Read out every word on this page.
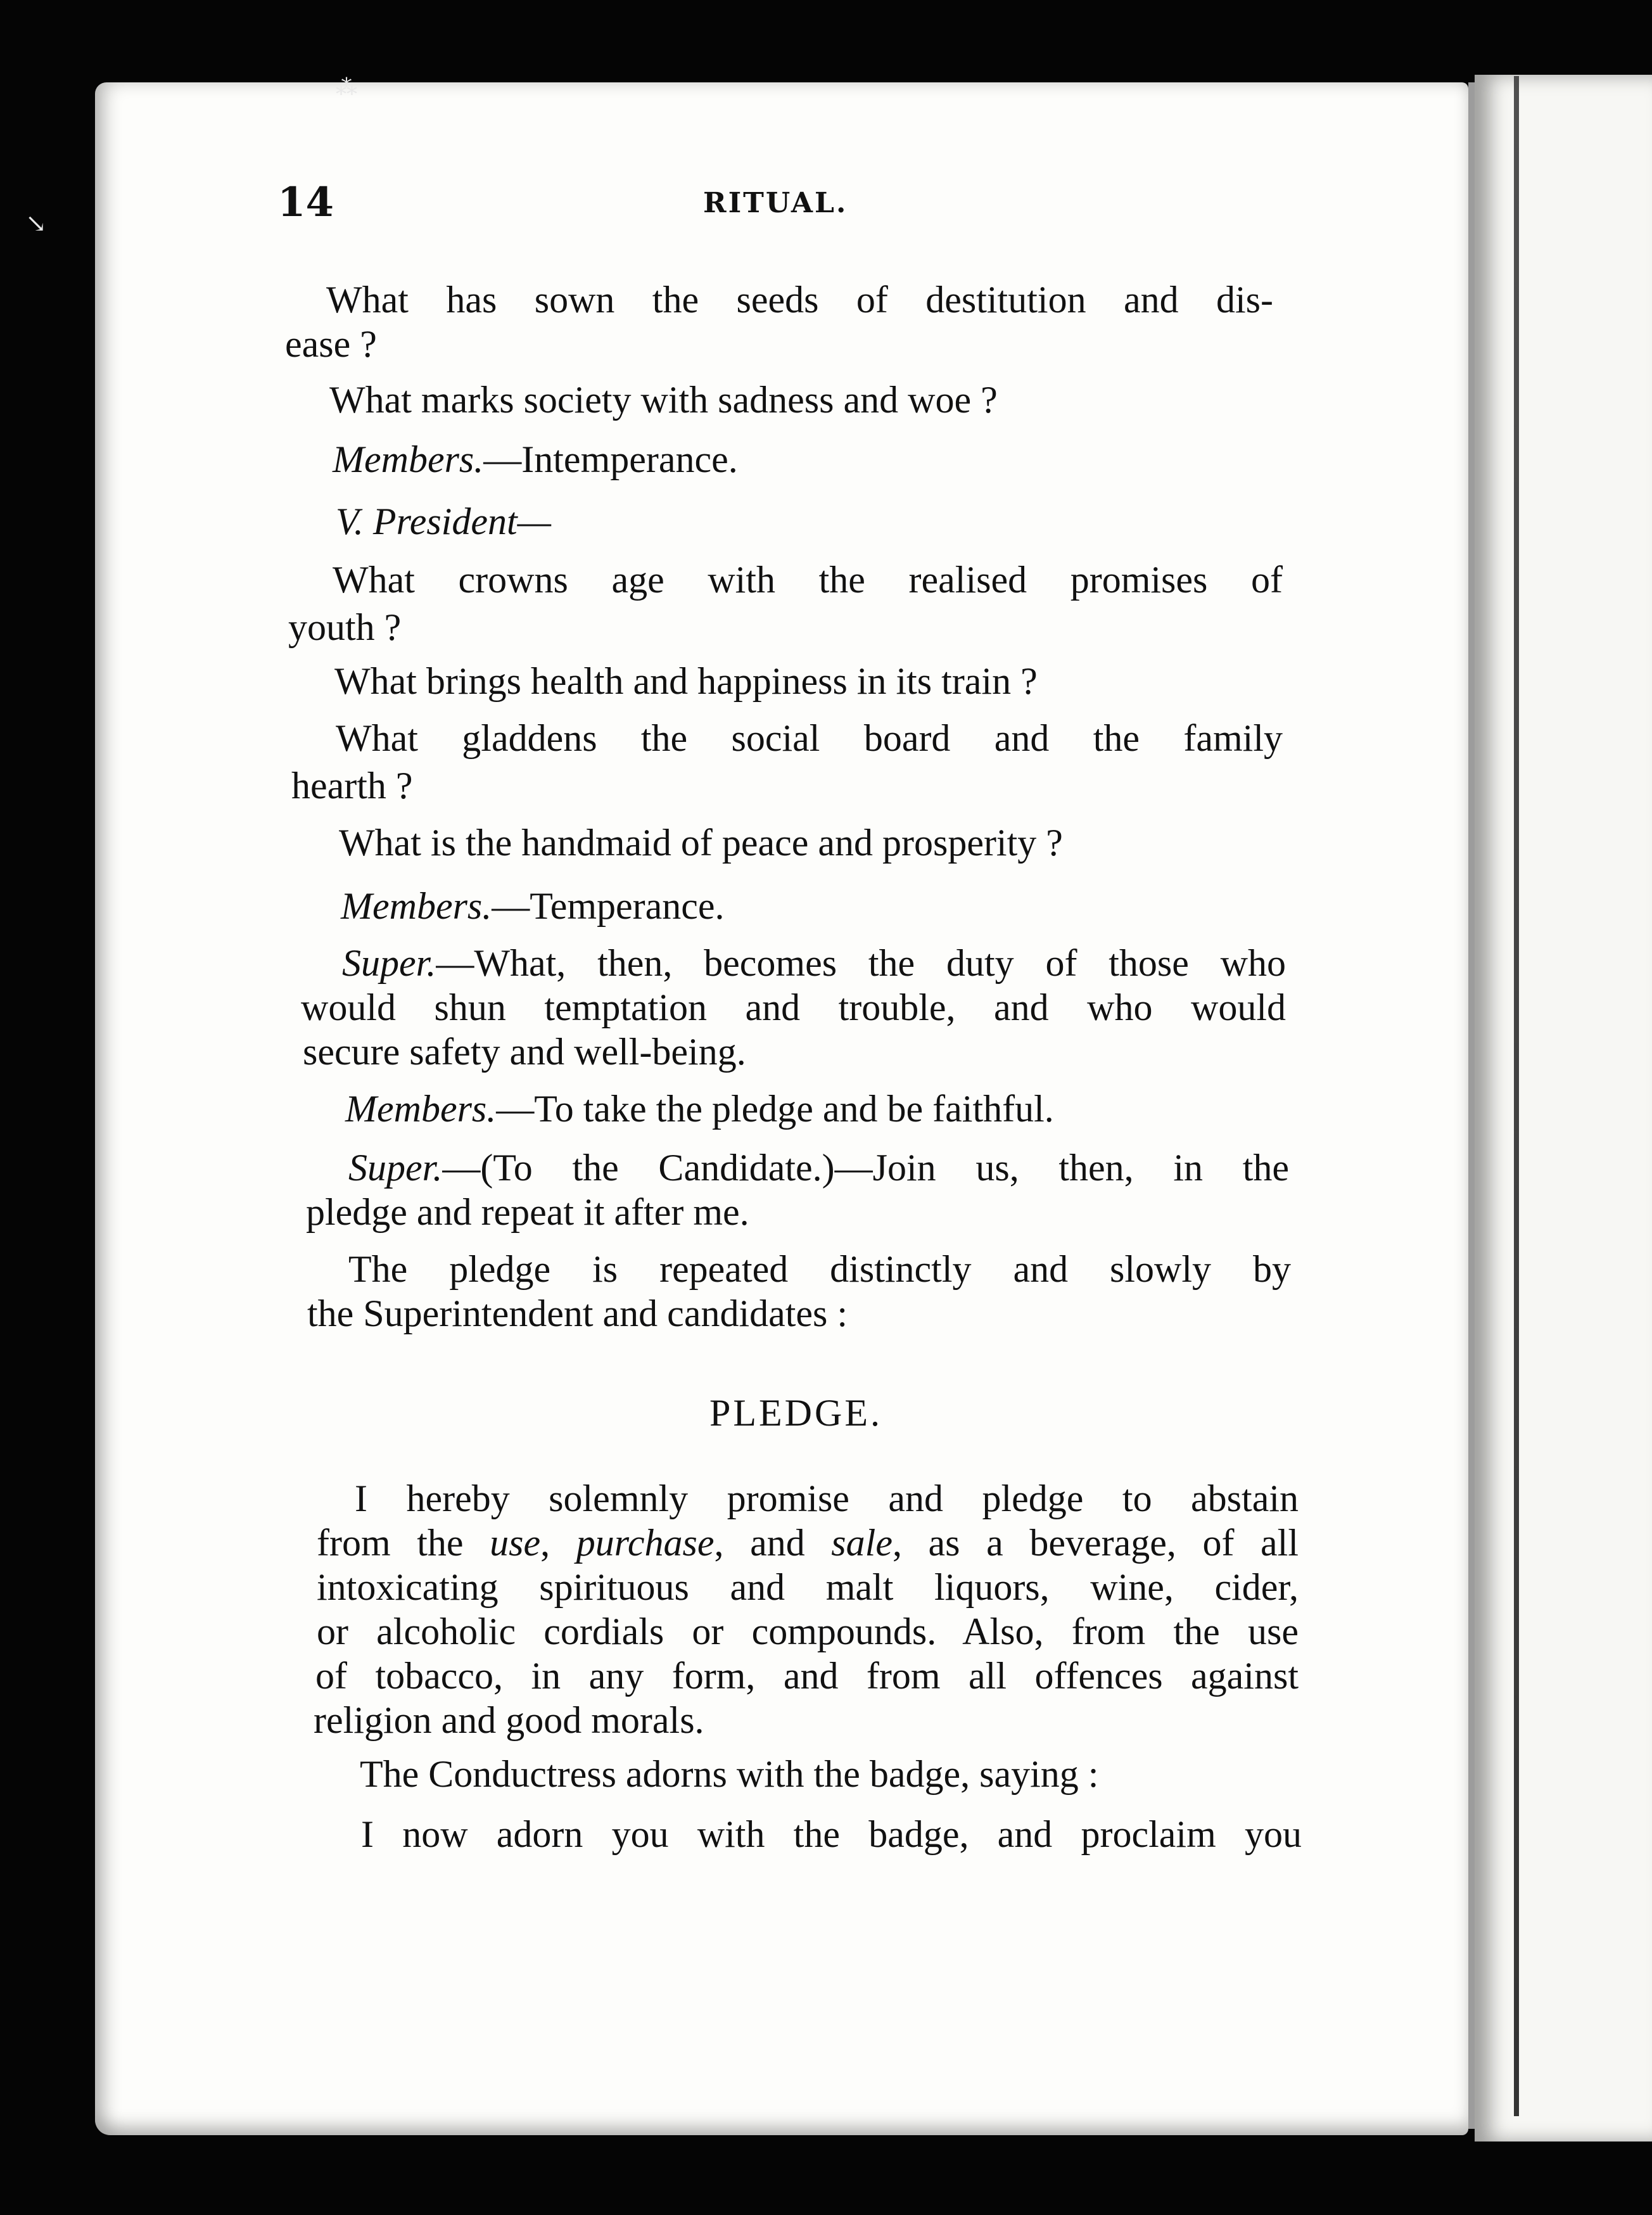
⁂
↘	14	RITUAL.
What has sown the seeds of destitution and dis-
ease ?
What marks society with sadness and woe ?
Members.—Intemperance.
V. President—
What crowns age with the realised promises of
youth ?
What brings health and happiness in its train ?
What gladdens the social board and the family
hearth ?
What is the handmaid of peace and prosperity ?
Members.—Temperance.
Super.—What, then, becomes the duty of those who
would shun temptation and trouble, and who would
secure safety and well-being.
Members.—To take the pledge and be faithful.
Super.—(To the Candidate.)—Join us, then, in the
pledge and repeat it after me.
The pledge is repeated distinctly and slowly by
the Superintendent and candidates :
PLEDGE.
I hereby solemnly promise and pledge to abstain
from the use, purchase, and sale, as a beverage, of all
intoxicating spirituous and malt liquors, wine, cider,
or alcoholic cordials or compounds. Also, from the use
of tobacco, in any form, and from all offences against
religion and good morals.
The Conductress adorns with the badge, saying :
I now adorn you with the badge, and proclaim you
